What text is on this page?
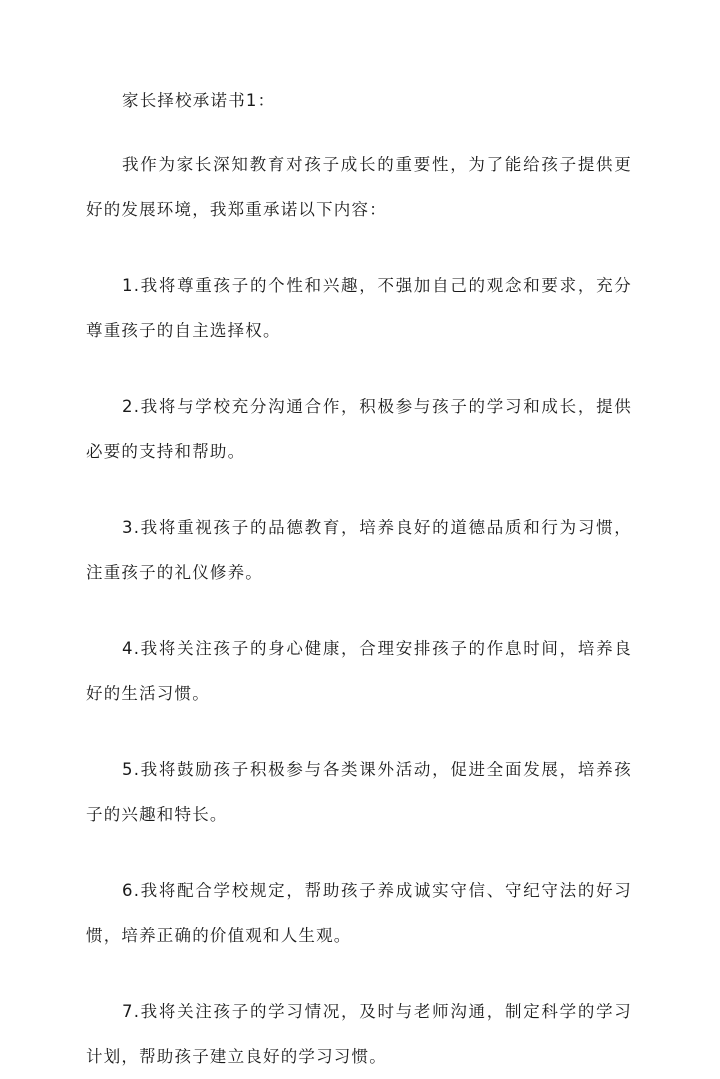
家长择校承诺书1：

我作为家长深知教育对孩子成长的重要性，为了能给孩子提供更好的发展环境，我郑重承诺以下内容：

1.我将尊重孩子的个性和兴趣，不强加自己的观念和要求，充分尊重孩子的自主选择权。

2.我将与学校充分沟通合作，积极参与孩子的学习和成长，提供必要的支持和帮助。

3.我将重视孩子的品德教育，培养良好的道德品质和行为习惯，注重孩子的礼仪修养。

4.我将关注孩子的身心健康，合理安排孩子的作息时间，培养良好的生活习惯。

5.我将鼓励孩子积极参与各类课外活动，促进全面发展，培养孩子的兴趣和特长。

6.我将配合学校规定，帮助孩子养成诚实守信、守纪守法的好习惯，培养正确的价值观和人生观。

7.我将关注孩子的学习情况，及时与老师沟通，制定科学的学习计划，帮助孩子建立良好的学习习惯。
